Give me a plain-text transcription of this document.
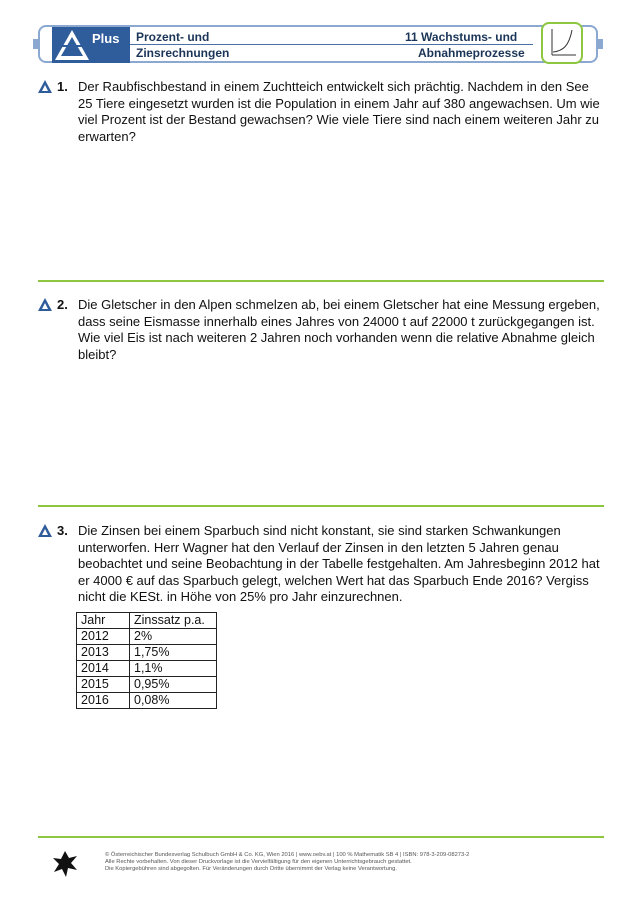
Plus Prozent- und
Zinsrechnungen
11 Wachstums- und
Abnahmeprozesse
1. Der Raubfischbestand in einem Zuchtteich entwickelt sich prächtig. Nachdem in den See 25 Tiere eingesetzt wurden ist die Population in einem Jahr auf 380 angewachsen. Um wie viel Prozent ist der Bestand gewachsen? Wie viele Tiere sind nach einem weiteren Jahr zu erwarten?
2. Die Gletscher in den Alpen schmelzen ab, bei einem Gletscher hat eine Messung ergeben, dass seine Eismasse innerhalb eines Jahres von 24000 t auf 22000 t zurückgegangen ist. Wie viel Eis ist nach weiteren 2 Jahren noch vorhanden wenn die relative Abnahme gleich bleibt?
3. Die Zinsen bei einem Sparbuch sind nicht konstant, sie sind starken Schwankungen unterworfen. Herr Wagner hat den Verlauf der Zinsen in den letzten 5 Jahren genau beobachtet und seine Beobachtung in der Tabelle festgehalten. Am Jahresbeginn 2012 hat er 4000 € auf das Sparbuch gelegt, welchen Wert hat das Sparbuch Ende 2016? Vergiss nicht die KESt. in Höhe von 25% pro Jahr einzurechnen.
Jahr	Zinssatz p.a.
2012	2%
2013	1,75%
2014	1,1%
2015	0,95%
2016	0,08%
© Österreichischer Bundesverlag Schulbuch GmbH & Co. KG, Wien 2016 | www.oebv.at | 100 % Mathematik SB 4 | ISBN: 978-3-209-08273-2
Alle Rechte vorbehalten. Von dieser Druckvorlage ist die Vervielfältigung für den eigenen Unterrichtsgebrauch gestattet.
Die Kopiergebühren sind abgegolten. Für Veränderungen durch Dritte übernimmt der Verlag keine Verantwortung.
